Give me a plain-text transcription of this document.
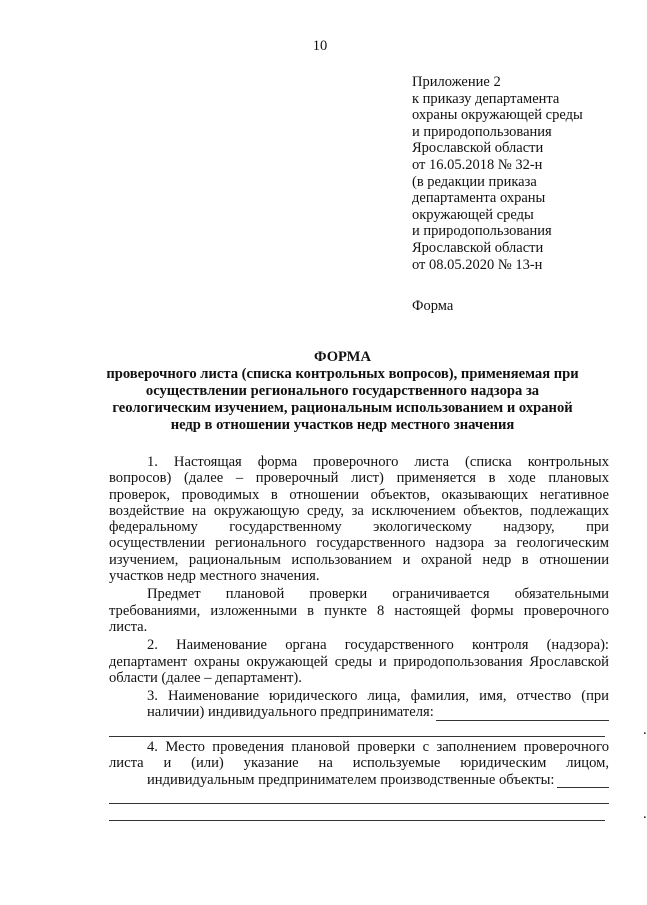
10
Приложение 2
к приказу департамента
охраны окружающей среды
и природопользования
Ярославской области
от 16.05.2018 № 32-н
(в редакции приказа
департамента охраны
окружающей среды
и природопользования
Ярославской области
от 08.05.2020 № 13-н
Форма
ФОРМА
проверочного листа (списка контрольных вопросов), применяемая при
осуществлении регионального государственного надзора за
геологическим изучением, рациональным использованием и охраной
недр в отношении участков недр местного значения
1. Настоящая форма проверочного листа (списка контрольных
вопросов) (далее – проверочный лист) применяется в ходе плановых
проверок, проводимых в отношении объектов, оказывающих негативное
воздействие на окружающую среду, за исключением объектов, подлежащих
федеральному государственному экологическому надзору, при
осуществлении регионального государственного надзора за геологическим
изучением, рациональным использованием и охраной недр в отношении
участков недр местного значения.
Предмет плановой проверки ограничивается обязательными
требованиями, изложенными в пункте 8 настоящей формы проверочного
листа.
2. Наименование органа государственного контроля (надзора):
департамент охраны окружающей среды и природопользования Ярославской
области (далее – департамент).
3. Наименование юридического лица, фамилия, имя, отчество (при
наличии) индивидуального предпринимателя:
.
4. Место проведения плановой проверки с заполнением проверочного
листа и (или) указание на используемые юридическим лицом,
индивидуальным предпринимателем производственные объекты:
.
